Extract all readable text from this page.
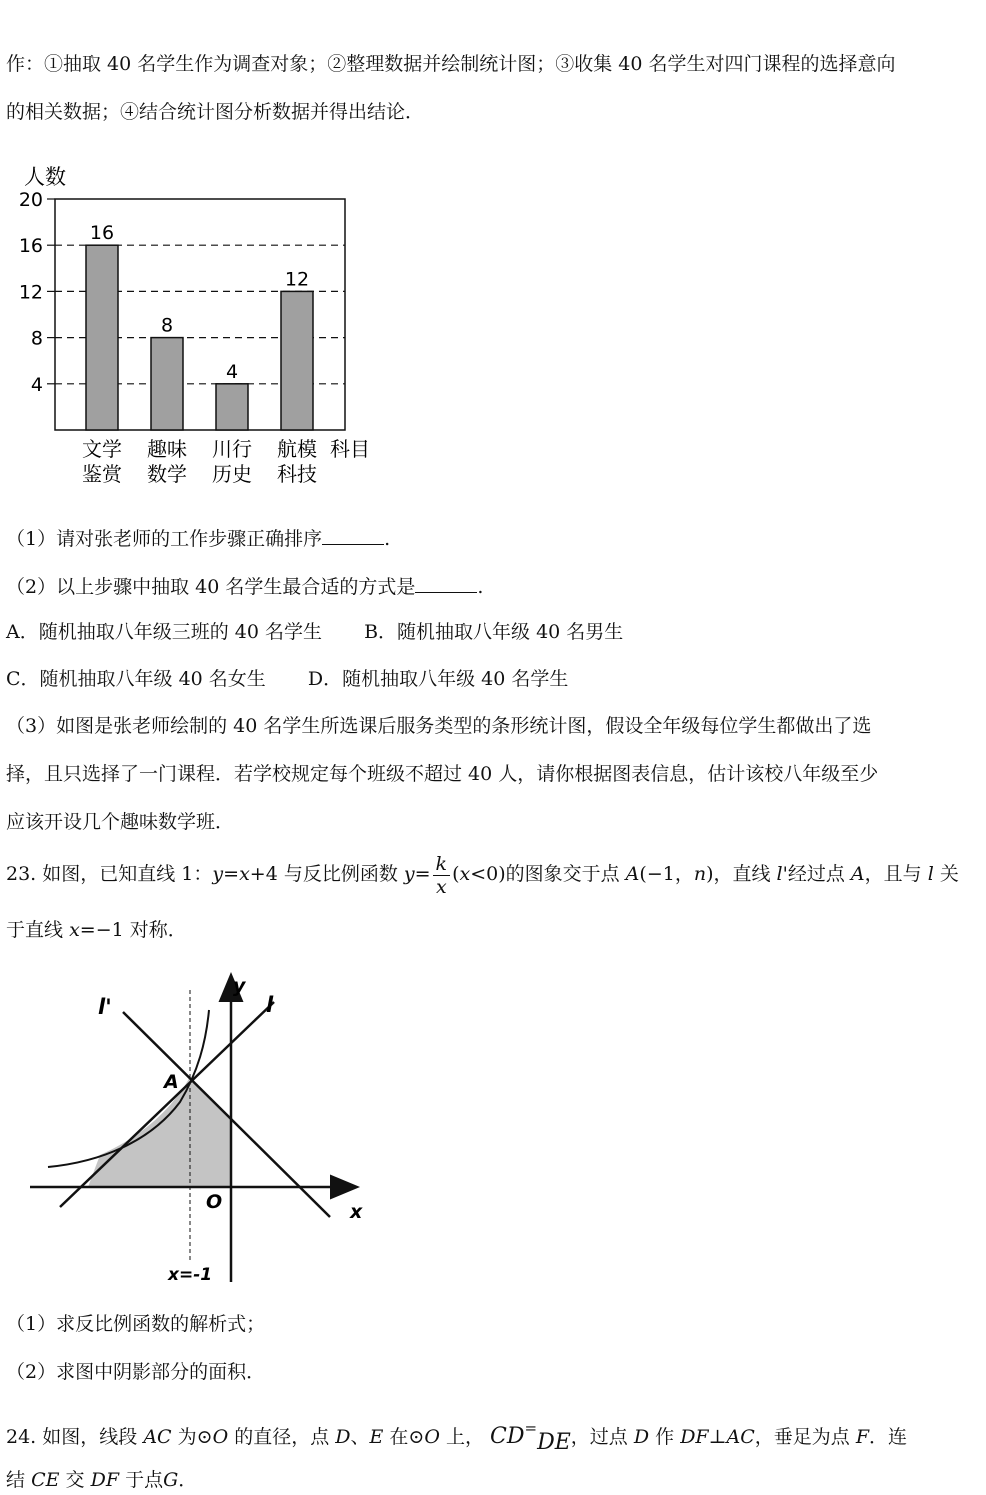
作：①抽取 40 名学生作为调查对象；②整理数据并绘制统计图；③收集 40 名学生对四门课程的选择意向
的相关数据；④结合统计图分析数据并得出结论．
人数
16
8
4
12
4
8
12
16
20
文学
鉴赏
趣味
数学
川行
历史
航模
科技
科目
（1）请对张老师的工作步骤正确排序	.
（2）以上步骤中抽取 40 名学生最合适的方式是	.
A．随机抽取八年级三班的 40 名学生 B．随机抽取八年级 40 名男生
C．随机抽取八年级 40 名女生 D．随机抽取八年级 40 名学生
（3）如图是张老师绘制的 40 名学生所选课后服务类型的条形统计图，假设全年级每位学生都做出了选
择，且只选择了一门课程．若学校规定每个班级不超过 40 人，请你根据图表信息，估计该校八年级至少
应该开设几个趣味数学班．
23. 如图，已知直线 1：y=x+4 与反比例函数 $y= \frac{k}{x} (x<0)$的图象交于点 A(−1，n)，直线 l'经过点 A，且与 l 关
于直线 x=−1 对称．
l'	l
y
x
A
O
x=-1
（1）求反比例函数的解析式；
（2）求图中阴影部分的面积．
24. 如图，线段 AC 为⊙O 的直径，点 D、E 在⊙O 上， CD=DE，过点 D 作 DF⊥AC，垂足为点 F．连
结 CE 交 DF 于点G．
